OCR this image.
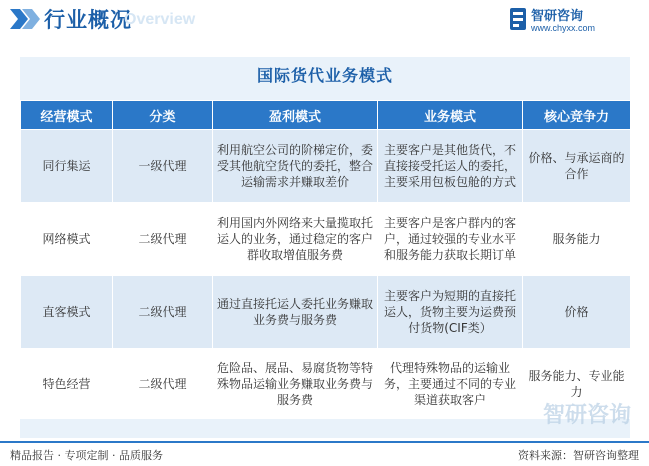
行业概况
Overview	智研咨询
www.chyxx.com
国际货代业务模式
经营模式	分类	盈利模式	业务模式	核心竞争力
同行集运	一级代理	利用航空公司的阶梯定价，委受其他航空货代的委托，整合运输需求并赚取差价	主要客户是其他货代，不直接接受托运人的委托，主要采用包板包舱的方式	价格、与承运商的合作
网络模式	二级代理	利用国内外网络来大量揽取托运人的业务，通过稳定的客户群收取增值服务费	主要客户是客户群内的客户，通过较强的专业水平和服务能力获取长期订单	服务能力
直客模式	二级代理	通过直接托运人委托业务赚取业务费与服务费	主要客户为短期的直接托运人，货物主要为运费预付货物(CIF类）	价格
特色经营	二级代理	危险品、展品、易腐货物等特殊物品运输业务赚取业务费与服务费	代理特殊物品的运输业务，主要通过不同的专业渠道获取客户	服务能力、专业能力
智研咨询
精品报告 · 专项定制 · 品质服务	资料来源：智研咨询整理
